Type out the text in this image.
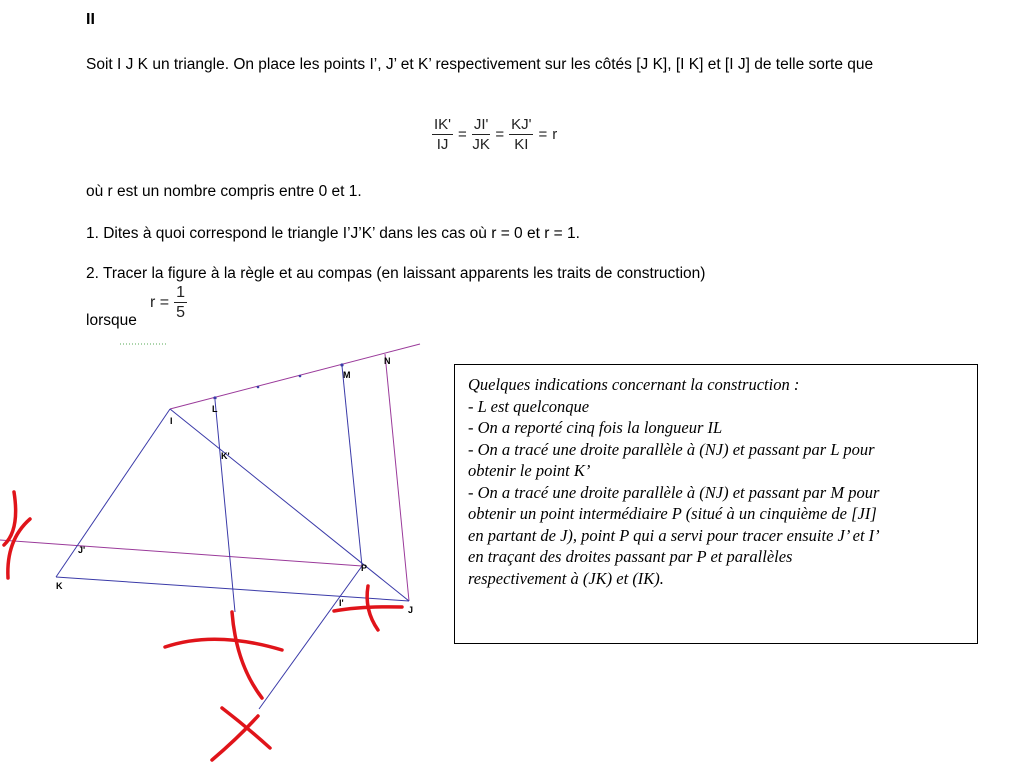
II
Soit I J K un triangle. On place les points I’, J’ et K’ respectivement sur les côtés [J K], [I K] et [I J] de telle sorte que
$\frac{IK'}{IJ} = \frac{JI'}{JK} = \frac{KJ'}{KI} = r$
où r est un nombre compris entre 0 et 1.
1. Dites à quoi correspond le triangle I’J’K’ dans les cas où r = 0 et r = 1.
2. Tracer la figure à la règle et au compas (en laissant apparents les traits de construction)
lorsque
$r = \frac{1}{5}$
I
L
M
N
K'
J'
P
K
I'
J
Quelques indications concernant la construction :
- L est quelconque
- On a reporté cinq fois la longueur IL
- On a tracé une droite parallèle à (NJ) et passant par L pour
obtenir le point K’
- On a tracé une droite parallèle à (NJ) et passant par M pour
obtenir un point intermédiaire P (situé à un cinquième de [JI]
en partant de J), point P qui a servi pour tracer ensuite J’ et I’
en traçant des droites passant par P et parallèles
respectivement à (JK) et (IK).
